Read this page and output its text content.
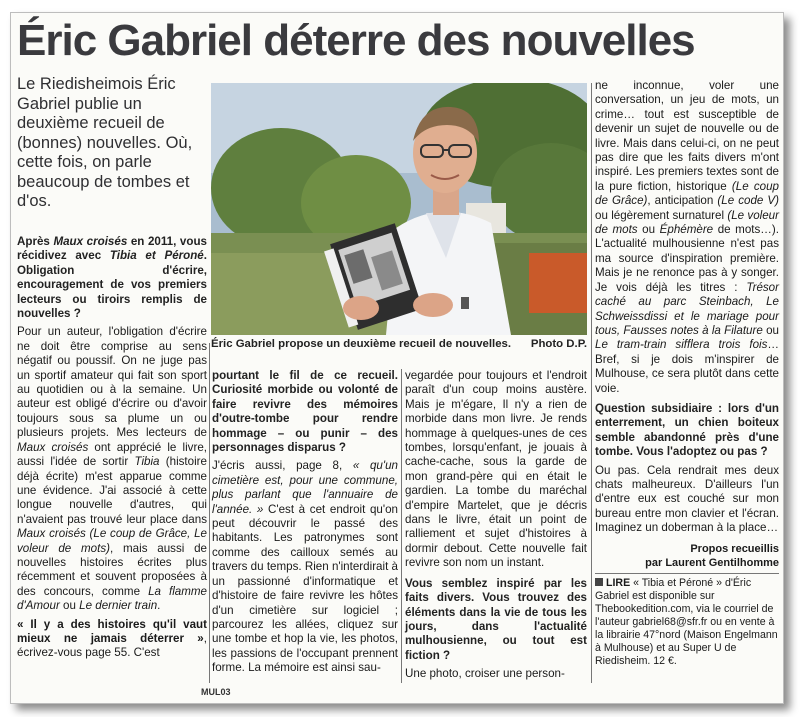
Éric Gabriel déterre des nouvelles
Le Riedisheimois Éric Gabriel publie un deuxième recueil de (bonnes) nouvelles. Où, cette fois, on parle beaucoup de tombes et d'os.

Après Maux croisés en 2011, vous récidivez avec Tibia et Péroné. Obligation d'écrire, encouragement de vos premiers lecteurs ou tiroirs remplis de nouvelles ?

Pour un auteur, l'obligation d'écrire ne doit être comprise au sens négatif ou poussif. On ne juge pas un sportif amateur qui fait son sport au quotidien ou à la semaine. Un auteur est obligé d'écrire ou d'avoir toujours sous sa plume un ou plusieurs projets. Mes lecteurs de Maux croisés ont apprécié le livre, aussi l'idée de sortir Tibia (histoire déjà écrite) m'est apparue comme une évidence. J'ai associé à cette longue nouvelle d'autres, qui n'avaient pas trouvé leur place dans Maux croisés (Le coup de Grâce, Le voleur de mots), mais aussi de nouvelles histoires écrites plus récemment et souvent proposées à des concours, comme La flamme d'Amour ou Le dernier train.

« Il y a des histoires qu'il vaut mieux ne jamais déterrer », écrivez-vous page 55. C'est

Éric Gabriel propose un deuxième recueil de nouvelles. Photo D.P.

pourtant le fil de ce recueil. Curiosité morbide ou volonté de faire revivre des mémoires d'outre-tombe pour rendre hommage – ou punir – des personnages disparus ?

J'écris aussi, page 8, « qu'un cimetière est, pour une commune, plus parlant que l'annuaire de l'année. » C'est à cet endroit qu'on peut découvrir le passé des habitants. Les patronymes sont comme des cailloux semés au travers du temps. Rien n'interdirait à un passionné d'informatique et d'histoire de faire revivre les hôtes d'un cimetière sur logiciel ; parcourez les allées, cliquez sur une tombe et hop la vie, les photos, les passions de l'occupant prennent forme. La mémoire est ainsi sau-

vegardée pour toujours et l'endroit paraît d'un coup moins austère. Mais je m'égare, Il n'y a rien de morbide dans mon livre. Je rends hommage à quelques-unes de ces tombes, lorsqu'enfant, je jouais à cache-cache, sous la garde de mon grand-père qui en était le gardien. La tombe du maréchal d'empire Martelet, que je décris dans le livre, était un point de ralliement et sujet d'histoires à dormir debout. Cette nouvelle fait revivre son nom un instant.

Vous semblez inspiré par les faits divers. Vous trouvez des éléments dans la vie de tous les jours, dans l'actualité mulhousienne, ou tout est fiction ?

Une photo, croiser une person-

ne inconnue, voler une conversation, un jeu de mots, un crime… tout est susceptible de devenir un sujet de nouvelle ou de livre. Mais dans celui-ci, on ne peut pas dire que les faits divers m'ont inspiré. Les premiers textes sont de la pure fiction, historique (Le coup de Grâce), anticipation (Le code V) ou légèrement surnaturel (Le voleur de mots ou Éphémère de mots…). L'actualité mulhousienne n'est pas ma source d'inspiration première. Mais je ne renonce pas à y songer. Je vois déjà les titres : Trésor caché au parc Steinbach, Le Schweissdissi et le mariage pour tous, Fausses notes à la Filature ou Le tram-train sifflera trois fois… Bref, si je dois m'inspirer de Mulhouse, ce sera plutôt dans cette voie.

Question subsidiaire : lors d'un enterrement, un chien boiteux semble abandonné près d'une tombe. Vous l'adoptez ou pas ?

Ou pas. Cela rendrait mes deux chats malheureux. D'ailleurs l'un d'entre eux est couché sur mon bureau entre mon clavier et l'écran. Imaginez un doberman à la place…

Propos recueillis
par Laurent Gentilhomme

LIRE « Tibia et Péroné » d'Éric Gabriel est disponible sur Thebookedition.com, via le courriel de l'auteur gabriel68@sfr.fr ou en vente à la librairie 47°nord (Maison Engelmann à Mulhouse) et au Super U de Riedisheim. 12 €.

MUL03
